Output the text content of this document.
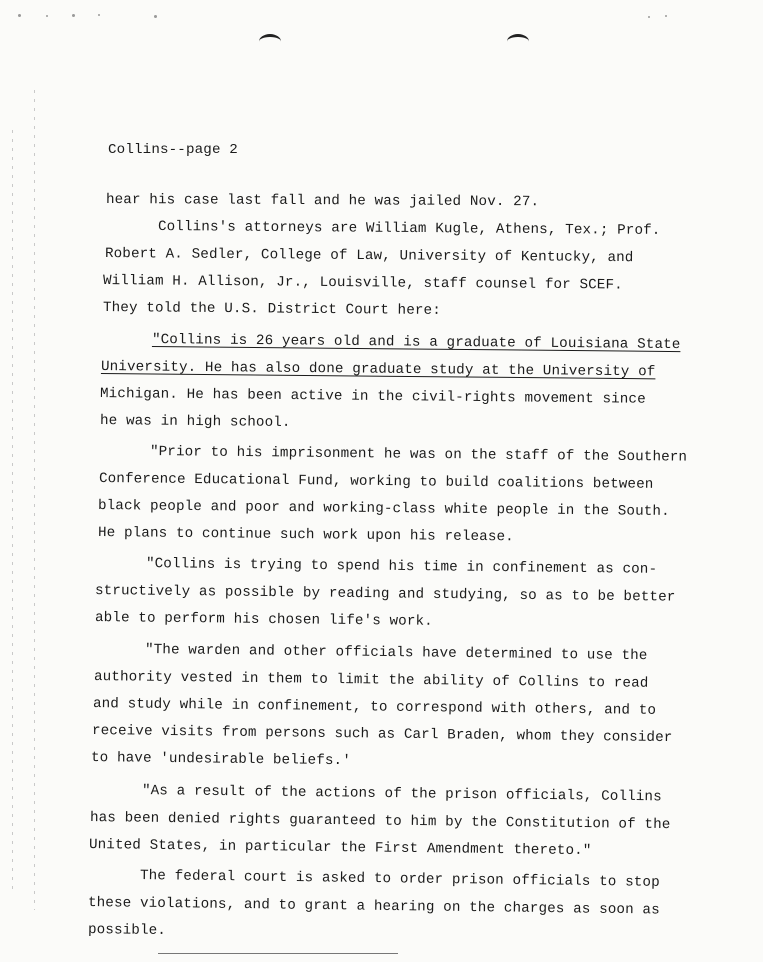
Collins--page 2
hear his case last fall and he was jailed Nov. 27.
Collins's attorneys are William Kugle, Athens, Tex.; Prof.
Robert A. Sedler, College of Law, University of Kentucky, and
William H. Allison, Jr., Louisville, staff counsel for SCEF.
They told the U.S. District Court here:
"Collins is 26 years old and is a graduate of Louisiana State
University. He has also done graduate study at the University of
Michigan. He has been active in the civil-rights movement since
he was in high school.
"Prior to his imprisonment he was on the staff of the Southern
Conference Educational Fund, working to build coalitions between
black people and poor and working-class white people in the South.
He plans to continue such work upon his release.
"Collins is trying to spend his time in confinement as con-
structively as possible by reading and studying, so as to be better
able to perform his chosen life's work.
"The warden and other officials have determined to use the
authority vested in them to limit the ability of Collins to read
and study while in confinement, to correspond with others, and to
receive visits from persons such as Carl Braden, whom they consider
to have 'undesirable beliefs.'
"As a result of the actions of the prison officials, Collins
has been denied rights guaranteed to him by the Constitution of the
United States, in particular the First Amendment thereto."
The federal court is asked to order prison officials to stop
these violations, and to grant a hearing on the charges as soon as
possible.
